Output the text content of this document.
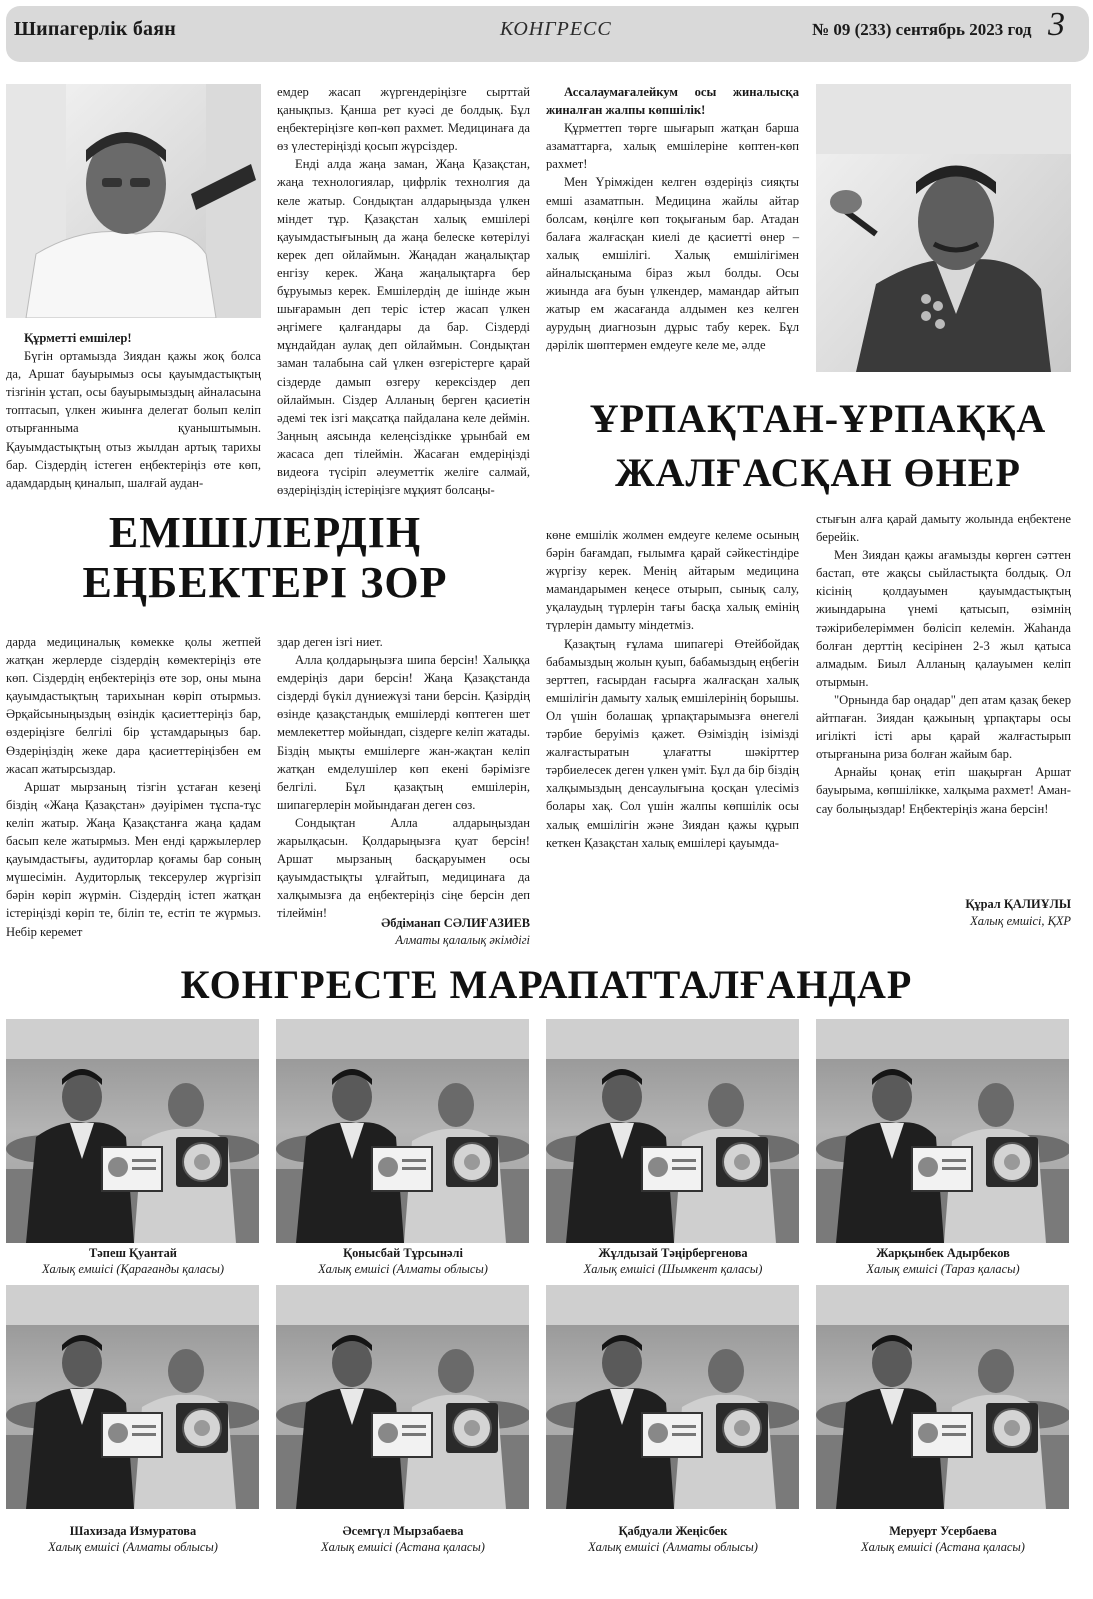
Шипагерлік баян	КОНГРЕСС	№ 09 (233) сентябрь 2023 год 3

Құрметті емшілер!

Бүгін ортамызда Зиядан қажы жоқ болса да, Аршат бауырымыз осы қауымдастықтың тізгінін ұстап, осы бауырымыздың айналасына топтасып, үлкен жиынға делегат болып келіп отырғанныма қуаныштымын. Қауымдастықтың отыз жылдан артық тарихы бар. Сіздердің істеген еңбектеріңіз өте көп, адамдардың қиналып, шалғай аудан-

емдер жасап жүргендеріңізге сырттай қанықпыз. Қанша рет куәсі де болдық. Бұл еңбектеріңізге көп-көп рахмет. Медицинаға да өз үлестеріңізді қосып жүрсіздер.

Енді алда жаңа заман, Жаңа Қазақстан, жаңа технологиялар, цифрлік технолгия да келе жатыр. Сондықтан алдарыңызда үлкен міндет тұр. Қазақстан халық емшілері қауымдастығының да жаңа белеске көтерілуі керек деп ойлаймын. Жаңадан жаңалықтар енгізу керек. Жаңа жаңалықтарға бер бұруымыз керек. Емшілердің де ішінде жын шығарамын деп теріс істер жасап үлкен әңгімеге қалғандары да бар. Сіздерді мұндайдан аулақ деп ойлаймын. Сондықтан заман талабына сай үлкен өзгерістерге қарай сіздерде дамып өзгеру керексіздер деп ойлаймын. Сіздер Алланың берген қасиетін әдемі тек ізгі мақсатқа пайдалана келе деймін. Заңның аясында келеңсіздікке ұрынбай ем жасаса деп тілеймін. Жасаған емдеріңізді видеоға түсіріп әлеуметтік желіге салмай, өздеріңіздің істеріңізге мұқият болсаңы-

ЕМШІЛЕРДІҢ
ЕҢБЕКТЕРІ ЗОР

дарда медициналық көмекке қолы жетпей жатқан жерлерде сіздердің көмектеріңіз өте көп. Сіздердің еңбектеріңіз өте зор, оны мына қауымдастықтың тарихынан көріп отырмыз. Әрқайсыныңыздың өзіндік қасиеттеріңіз бар, өздеріңізге белгілі бір ұстамдарыңыз бар. Өздеріңіздің жеке дара қасиеттеріңізбен ем жасап жатырсыздар.

Аршат мырзаның тізгін ұстаған кезеңі біздің «Жаңа Қазақстан» дәуірімен тұспа-тұс келіп жатыр. Жаңа Қазақстанға жаңа қадам басып келе жатырмыз. Мен енді қаржылерлер қауымдастығы, аудиторлар қоғамы бар соның мүшесімін. Аудиторлық тексерулер жүргізіп бәрін көріп жүрмін. Сіздердің істеп жатқан істеріңізді көріп те, біліп те, естіп те жүрмыз. Небір керемет

здар деген ізгі ниет.

Алла қолдарыңызға шипа берсін! Халыққа емдеріңіз дари берсін! Жаңа Қазақстанда сіздерді бүкіл дүниежүзі тани берсін. Қазірдің өзінде қазақстандық емшілерді көптеген шет мемлекеттер мойындап, сіздерге келіп жатады. Біздің мықты емшілерге жан-жақтан келіп жатқан емделушілер көп екені бәрімізге белгілі. Бұл қазақтың емшілерін, шипагерлерін мойындаған деген сөз.

Сондықтан Алла алдарыңыздан жарылқасын. Қолдарыңызға қуат берсін! Аршат мырзаның басқаруымен осы қауымдастықты ұлғайтып, медицинаға да халқымызға да еңбектеріңіз сіңе берсін деп тілеймін!

Әбдіманап СӘЛИҒАЗИЕВ
Алматы қалалық әкімдігі

Ассалаумағалейкум осы жиналысқа жиналған жалпы көпшілік!

Құрметтеп төрге шығарып жатқан барша азаматтарға, халық емшілеріне көптен-көп рахмет!

Мен Үрімжіден келген өздеріңіз сияқты емші азаматпын. Медицина жайлы айтар болсам, көңілге көп тоқығаным бар. Атадан балаға жалғасқан киелі де қасиетті өнер – халық емшілігі. Халық емшілігімен айналысқаныма біраз жыл болды. Осы жиында аға буын үлкендер, мамандар айтып жатыр ем жасағанда алдымен кез келген аурудың диагнозын дұрыс табу керек. Бұл дәрілік шөптермен емдеуге келе ме, әлде

ҰРПАҚТАН-ҰРПАҚҚА
ЖАЛҒАСҚАН ӨНЕР

көне емшілік жолмен емдеуге келеме осының бәрін бағамдап, ғылымға қарай сәйкестіндіре жүргізу керек. Менің айтарым медицина мамандарымен кеңесе отырып, сынық салу, уқалаудың түрлерін тағы басқа халық емінің түрлерін дамыту міндетміз.

Қазақтың ғұлама шипагері Өтейбойдақ бабамыздың жолын қуып, бабамыздың еңбегін зерттеп, ғасырдан ғасырға жалғасқан халық емшілігін дамыту халық емшілерінің борышы. Ол үшін болашақ ұрпақтарымызға өнегелі тәрбие беруіміз қажет. Өзіміздің ізімізді жалғастыратын ұлағатты шәкірттер тәрбиелесек деген үлкен үміт. Бұл да бір біздің халқымыздың денсаулығына қосқан үлесіміз болары хақ. Сол үшін жалпы көпшілік осы халық емшілігін және Зиядан қажы құрып кеткен Қазақстан халық емшілері қауымда-

стығын алға қарай дамыту жолында еңбектене берейік.

Мен Зиядан қажы ағамызды көрген сәттен бастап, өте жақсы сыйластықта болдық. Ол кісінің қолдауымен қауымдастықтың жиындарына үнемі қатысып, өзімнің тәжірибелеріммен бөлісіп келемін. Жаһанда болған дерттің кесірінен 2-3 жыл қатыса алмадым. Биыл Алланың қалауымен келіп отырмын.

"Орнында бар оңадар" деп атам қазақ бекер айтпаған. Зиядан қажының ұрпақтары осы игілікті істі ары қарай жалғастырып отырғанына риза болған жайым бар.

Арнайы қонақ етіп шақырған Аршат бауырыма, көпшілікке, халқыма рахмет! Аман-сау болыңыздар! Еңбектеріңіз жана берсін!

Құрал ҚАЛИҰЛЫ
Халық емшісі, ҚХР
КОНГРЕСТЕ МАРАПАТТАЛҒАНДАР
Тәпеш Қуантай
Халық емшісі (Қарағанды қаласы)
Қонысбай Тұрсынәлі
Халық емшісі (Алматы облысы)
Жұлдызай Тәңірбергенова
Халық емшісі (Шымкент қаласы)
Жарқынбек Адырбеков
Халық емшісі (Тараз қаласы)
Шахизада Измуратова
Халық емшісі (Алматы облысы)
Әсемгүл Мырзабаева
Халық емшісі (Астана қаласы)
Қабдуали Жеңісбек
Халық емшісі (Алматы облысы)
Меруерт Усербаева
Халық емшісі (Астана қаласы)
